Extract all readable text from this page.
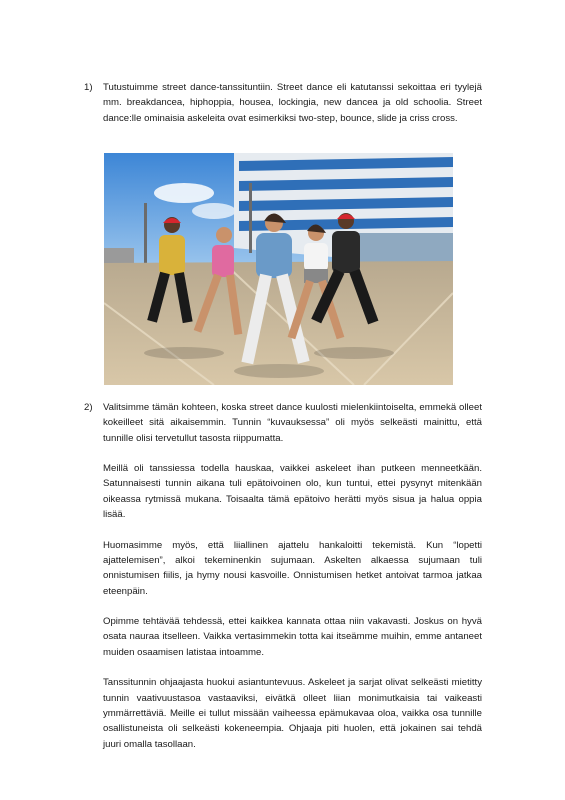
1) Tutustuimme street dance-tanssituntiin. Street dance eli katutanssi sekoittaa eri tyylejä mm. breakdancea, hiphoppia, housea, lockingia, new dancea ja old schoolia. Street dance:lle ominaisia askeleita ovat esimerkiksi two-step, bounce, slide ja criss cross.

2) Valitsimme tämän kohteen, koska street dance kuulosti mielenkiintoiselta, emmekä olleet kokeilleet sitä aikaisemmin. Tunnin “kuvauksessa” oli myös selkeästi mainittu, että tunnille olisi tervetullut tasosta riippumatta.

Meillä oli tanssiessa todella hauskaa, vaikkei askeleet ihan putkeen menneetkään. Satunnaisesti tunnin aikana tuli epätoivoinen olo, kun tuntui, ettei pysynyt mitenkään oikeassa rytmissä mukana. Toisaalta tämä epätoivo herätti myös sisua ja halua oppia lisää.

Huomasimme myös, että liiallinen ajattelu hankaloitti tekemistä. Kun “lopetti ajattelemisen”, alkoi tekeminenkin sujumaan. Askelten alkaessa sujumaan tuli onnistumisen fiilis, ja hymy nousi kasvoille. Onnistumisen hetket antoivat tarmoa jatkaa eteenpäin.

Opimme tehtävää tehdessä, ettei kaikkea kannata ottaa niin vakavasti. Joskus on hyvä osata nauraa itselleen. Vaikka vertasimmekin totta kai itseämme muihin, emme antaneet muiden osaamisen latistaa intoamme.

Tanssitunnin ohjaajasta huokui asiantuntevuus. Askeleet ja sarjat olivat selkeästi mietitty tunnin vaativuustasoa vastaaviksi, eivätkä olleet liian monimutkaisia tai vaikeasti ymmärrettäviä. Meille ei tullut missään vaiheessa epämukavaa oloa, vaikka osa tunnille osallistuneista oli selkeästi kokeneempia. Ohjaaja piti huolen, että jokainen sai tehdä juuri omalla tasollaan.
